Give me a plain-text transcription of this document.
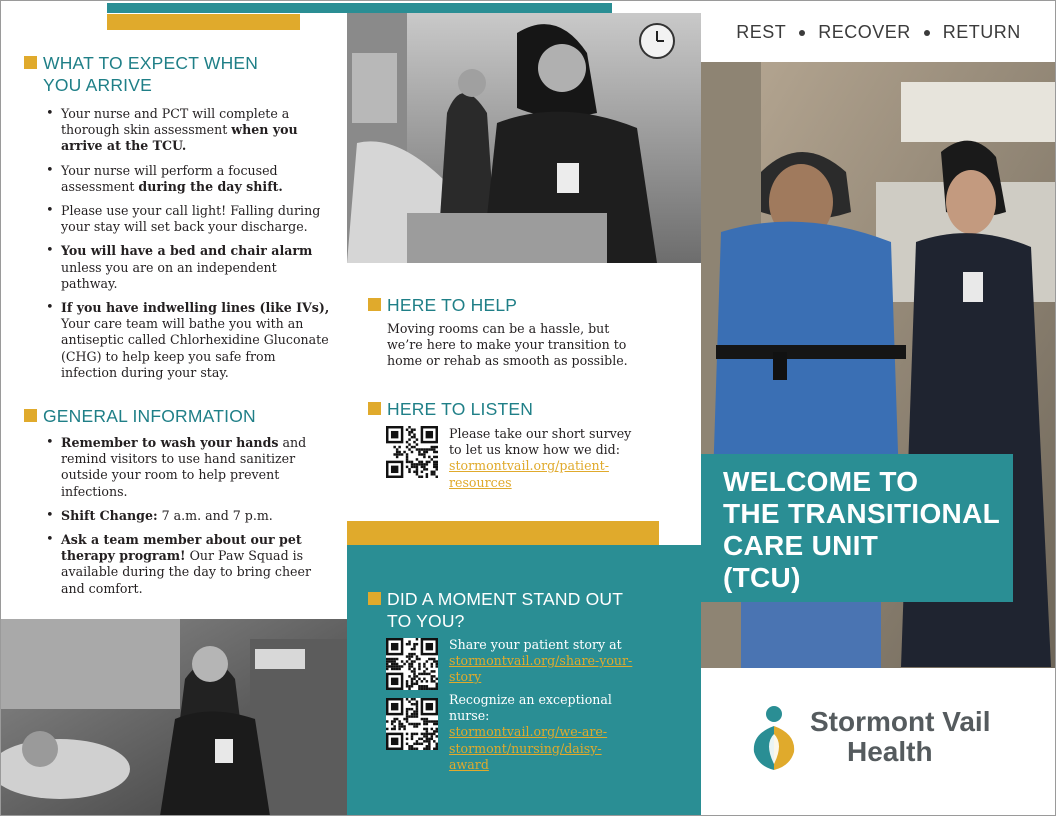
WHAT TO EXPECT WHEN
YOU ARRIVE
• Your nurse and PCT will complete a thorough skin assessment when you arrive at the TCU.
• Your nurse will perform a focused assessment during the day shift.
• Please use your call light! Falling during your stay will set back your discharge.
• You will have a bed and chair alarm unless you are on an independent pathway.
• If you have indwelling lines (like IVs), Your care team will bathe you with an antiseptic called Chlorhexidine Gluconate (CHG) to help keep you safe from infection during your stay.
GENERAL INFORMATION
• Remember to wash your hands and remind visitors to use hand sanitizer outside your room to help prevent infections.
• Shift Change: 7 a.m. and 7 p.m.
• Ask a team member about our pet therapy program! Our Paw Squad is available during the day to bring cheer and comfort.
HERE TO HELP
Moving rooms can be a hassle, but we’re here to make your transition to home or rehab as smooth as possible.
HERE TO LISTEN
Please take our short survey to let us know how we did: stormontvail.org/patient-resources
DID A MOMENT STAND OUT
TO YOU?
Share your patient story at
stormontvail.org/share-your-story
Recognize an exceptional nurse:
stormontvail.org/we-are-stormont/nursing/daisy-award
REST RECOVER RETURN
WELCOME TO
THE TRANSITIONAL
CARE UNIT
(TCU)
Stormont Vail
Health
